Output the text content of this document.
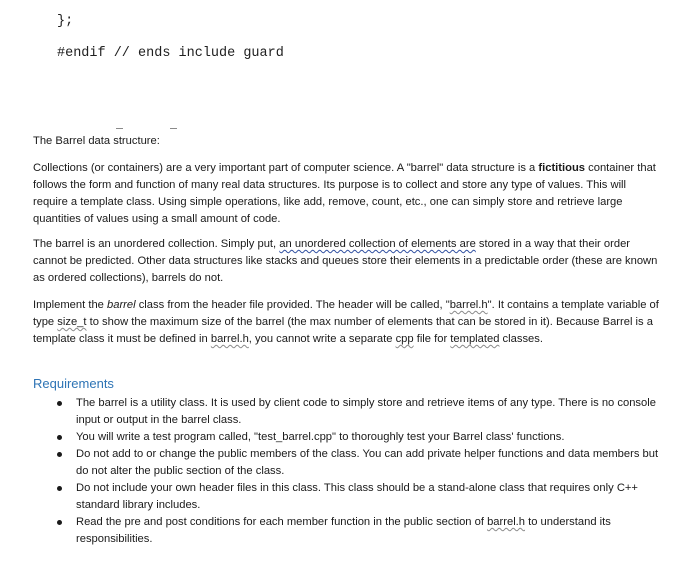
};
#endif // ends include guard

The Barrel data structure:

Collections (or containers) are a very important part of computer science. A "barrel" data structure is a fictitious container that follows the form and function of many real data structures. Its purpose is to collect and store any type of values. This will require a template class. Using simple operations, like add, remove, count, etc., one can simply store and retrieve large quantities of values using a small amount of code.

The barrel is an unordered collection. Simply put, an unordered collection of elements are stored in a way that their order cannot be predicted. Other data structures like stacks and queues store their elements in a predictable order (these are known as ordered collections), barrels do not.

Implement the barrel class from the header file provided. The header will be called, "barrel.h". It contains a template variable of type size_t to show the maximum size of the barrel (the max number of elements that can be stored in it). Because Barrel is a template class it must be defined in barrel.h, you cannot write a separate cpp file for templated classes.

Requirements

The barrel is a utility class. It is used by client code to simply store and retrieve items of any type. There is no console input or output in the barrel class.
You will write a test program called, "test_barrel.cpp" to thoroughly test your Barrel class' functions.
Do not add to or change the public members of the class. You can add private helper functions and data members but do not alter the public section of the class.
Do not include your own header files in this class. This class should be a stand-alone class that requires only C++ standard library includes.
Read the pre and post conditions for each member function in the public section of barrel.h to understand its responsibilities.
